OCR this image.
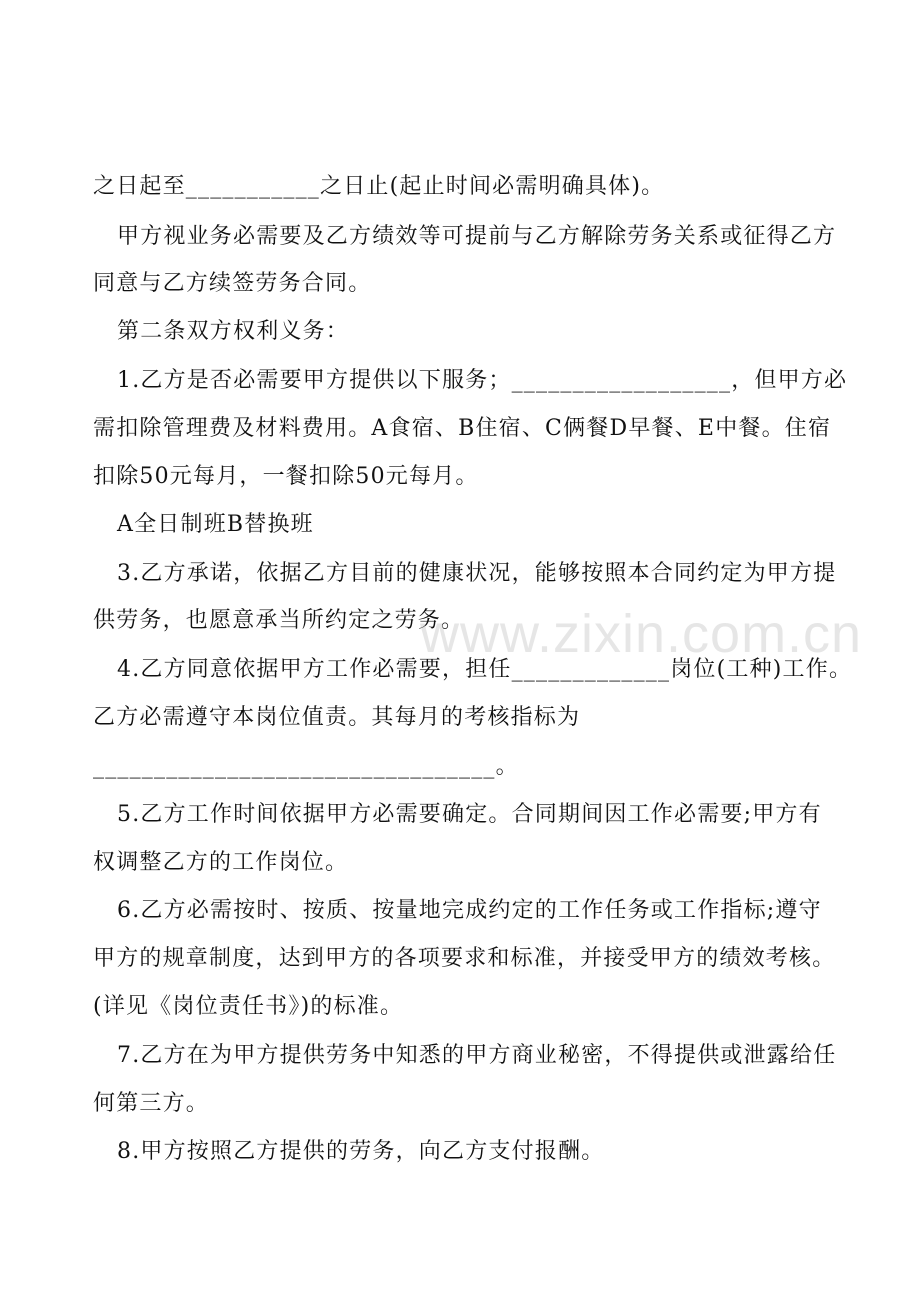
之日起至___________之日止(起止时间必需明确具体)。
甲方视业务必需要及乙方绩效等可提前与乙方解除劳务关系或征得乙方
同意与乙方续签劳务合同。
第二条双方权利义务：
1.乙方是否必需要甲方提供以下服务；__________________，但甲方必
需扣除管理费及材料费用。A食宿、B住宿、C俩餐D早餐、E中餐。住宿
扣除50元每月，一餐扣除50元每月。
A全日制班B替换班
3.乙方承诺，依据乙方目前的健康状况，能够按照本合同约定为甲方提
供劳务，也愿意承当所约定之劳务。
4.乙方同意依据甲方工作必需要，担任_____________岗位(工种)工作。
乙方必需遵守本岗位值责。其每月的考核指标为
_________________________________。
5.乙方工作时间依据甲方必需要确定。合同期间因工作必需要;甲方有
权调整乙方的工作岗位。
6.乙方必需按时、按质、按量地完成约定的工作任务或工作指标;遵守
甲方的规章制度，达到甲方的各项要求和标准，并接受甲方的绩效考核。
(详见《岗位责任书》)的标准。
7.乙方在为甲方提供劳务中知悉的甲方商业秘密，不得提供或泄露给任
何第三方。
8.甲方按照乙方提供的劳务，向乙方支付报酬。
www.zixin.com.cn
